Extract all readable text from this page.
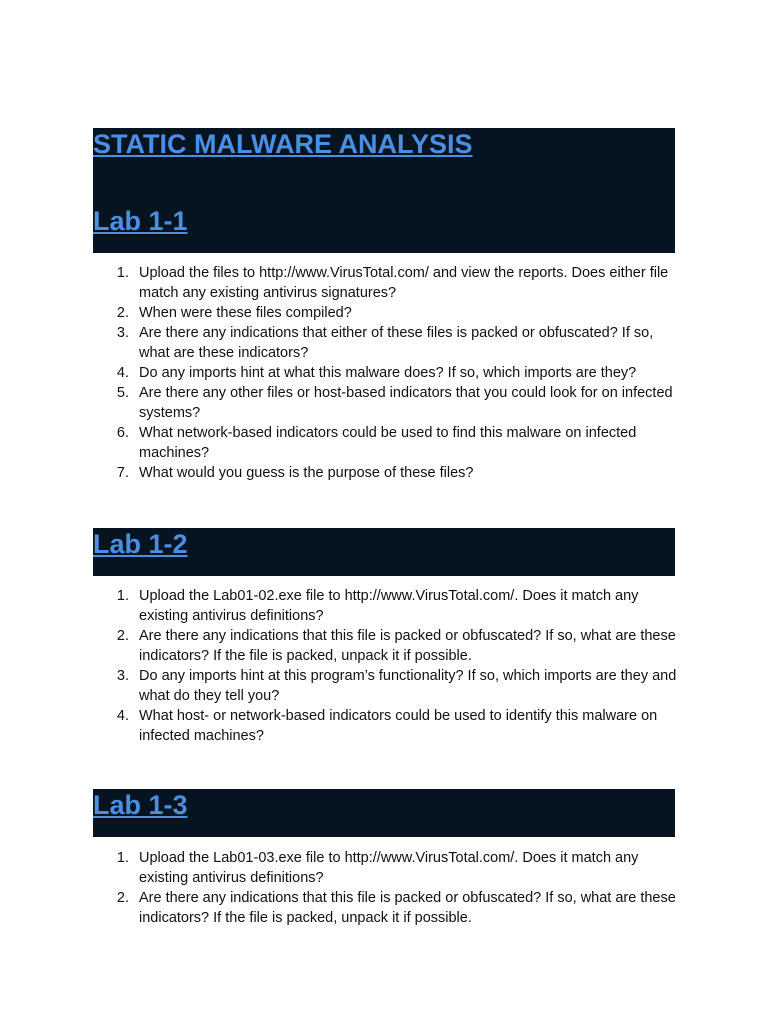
STATIC MALWARE ANALYSIS
Lab 1-1
1. Upload the files to http://www.VirusTotal.com/ and view the reports. Does either file match any existing antivirus signatures?
2. When were these files compiled?
3. Are there any indications that either of these files is packed or obfuscated? If so, what are these indicators?
4. Do any imports hint at what this malware does? If so, which imports are they?
5. Are there any other files or host-based indicators that you could look for on infected systems?
6. What network-based indicators could be used to find this malware on infected machines?
7. What would you guess is the purpose of these files?
Lab 1-2
1. Upload the Lab01-02.exe file to http://www.VirusTotal.com/. Does it match any existing antivirus definitions?
2. Are there any indications that this file is packed or obfuscated? If so, what are these indicators? If the file is packed, unpack it if possible.
3. Do any imports hint at this program’s functionality? If so, which imports are they and what do they tell you?
4. What host- or network-based indicators could be used to identify this malware on infected machines?
Lab 1-3
1. Upload the Lab01-03.exe file to http://www.VirusTotal.com/. Does it match any existing antivirus definitions?
2. Are there any indications that this file is packed or obfuscated? If so, what are these indicators? If the file is packed, unpack it if possible.
